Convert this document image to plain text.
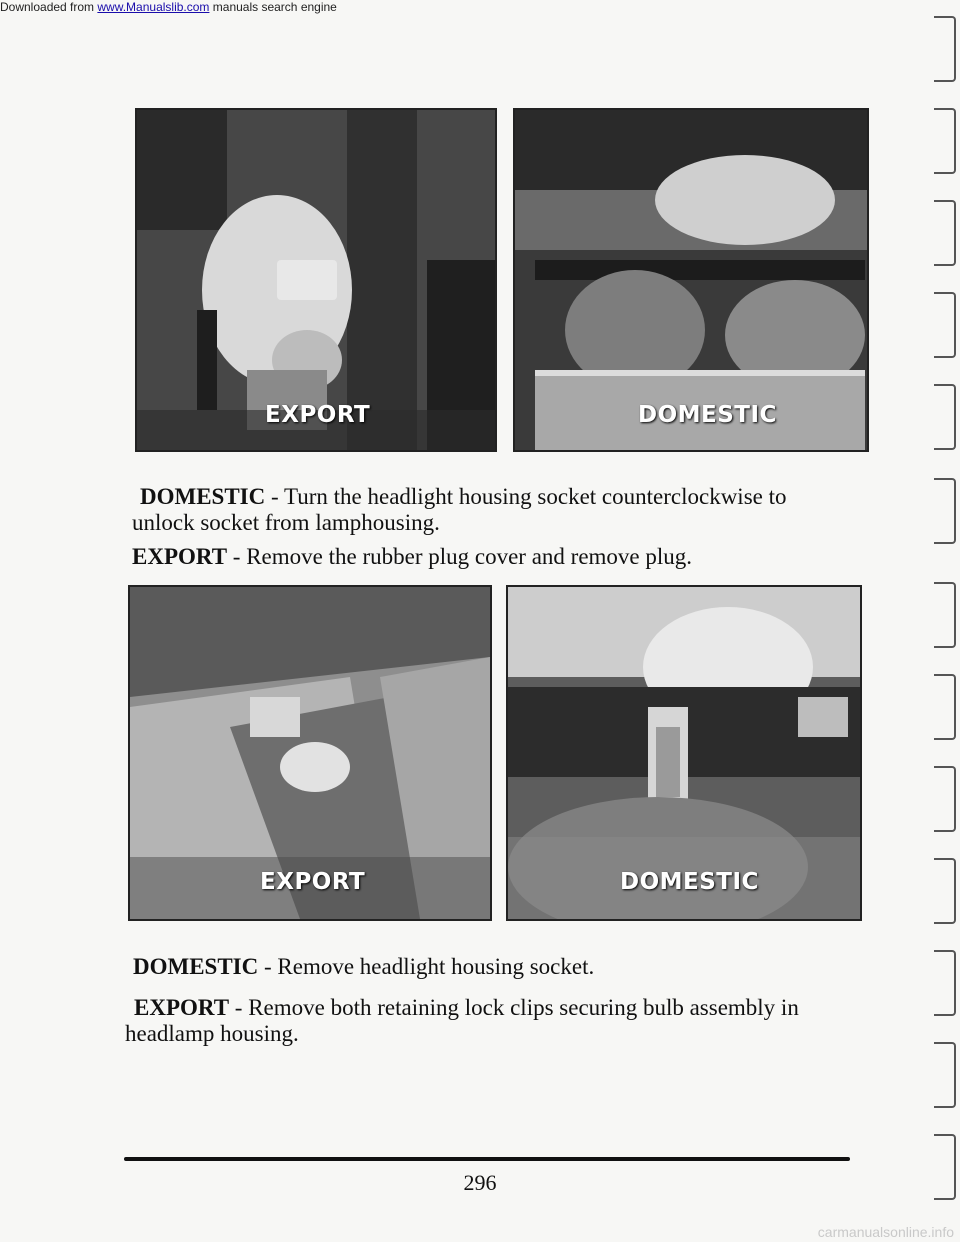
Downloaded from www.Manualslib.com manuals search engine
EXPORT	DOMESTIC

DOMESTIC - Turn the headlight housing socket counterclockwise to unlock socket from lamphousing.

EXPORT - Remove the rubber plug cover and remove plug.

EXPORT	DOMESTIC

DOMESTIC - Remove headlight housing socket.

EXPORT - Remove both retaining lock clips securing bulb assembly in headlamp housing.

296
carmanualsonline.info
